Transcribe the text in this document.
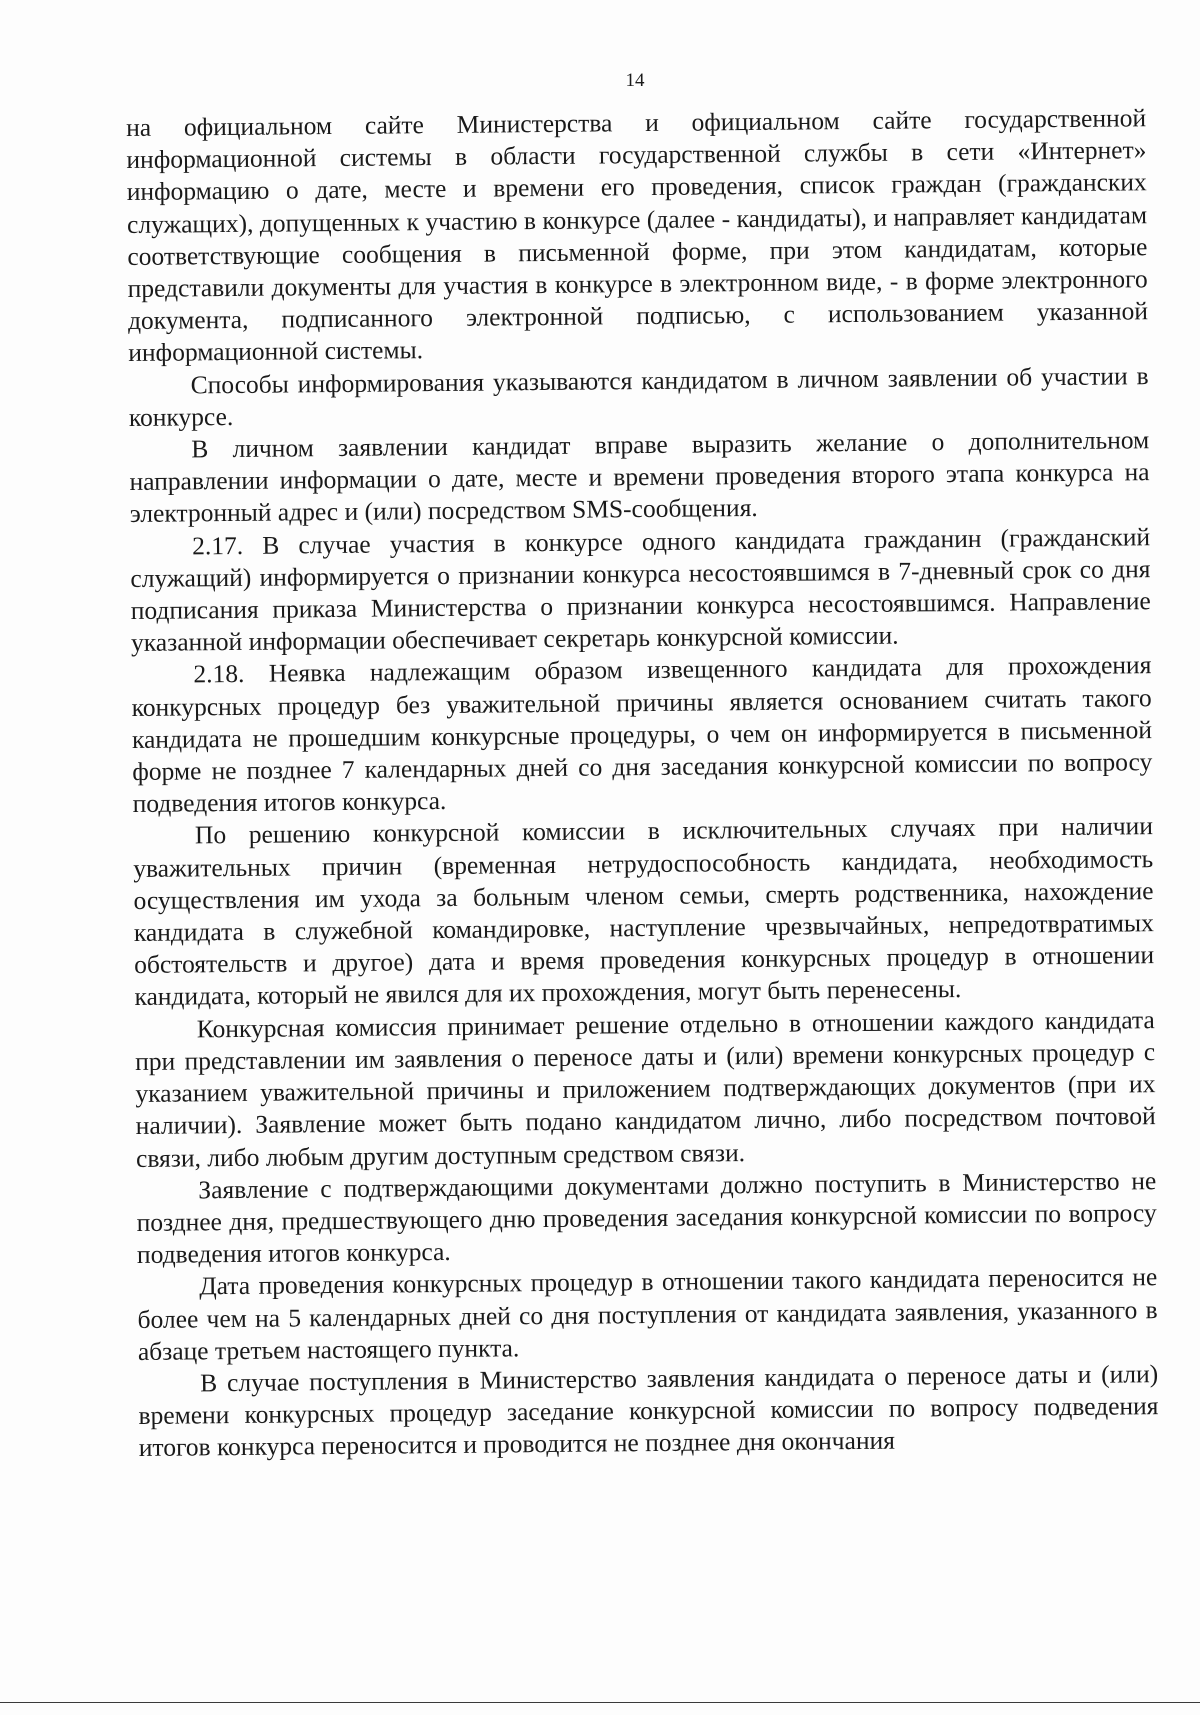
14

на официальном сайте Министерства и официальном сайте государственной информационной системы в области государственной службы в сети «Интернет» информацию о дате, месте и времени его проведения, список граждан (гражданских служащих), допущенных к участию в конкурсе (далее - кандидаты), и направляет кандидатам соответствующие сообщения в письменной форме, при этом кандидатам, которые представили документы для участия в конкурсе в электронном виде, - в форме электронного документа, подписанного электронной подписью, с использованием указанной информационной системы.

Способы информирования указываются кандидатом в личном заявлении об участии в конкурсе.

В личном заявлении кандидат вправе выразить желание о дополнительном направлении информации о дате, месте и времени проведения второго этапа конкурса на электронный адрес и (или) посредством SMS-сообщения.

2.17. В случае участия в конкурсе одного кандидата гражданин (гражданский служащий) информируется о признании конкурса несостоявшимся в 7-дневный срок со дня подписания приказа Министерства о признании конкурса несостоявшимся. Направление указанной информации обеспечивает секретарь конкурсной комиссии.

2.18. Неявка надлежащим образом извещенного кандидата для прохождения конкурсных процедур без уважительной причины является основанием считать такого кандидата не прошедшим конкурсные процедуры, о чем он информируется в письменной форме не позднее 7 календарных дней со дня заседания конкурсной комиссии по вопросу подведения итогов конкурса.

По решению конкурсной комиссии в исключительных случаях при наличии уважительных причин (временная нетрудоспособность кандидата, необходимость осуществления им ухода за больным членом семьи, смерть родственника, нахождение кандидата в служебной командировке, наступление чрезвычайных, непредотвратимых обстоятельств и другое) дата и время проведения конкурсных процедур в отношении кандидата, который не явился для их прохождения, могут быть перенесены.

Конкурсная комиссия принимает решение отдельно в отношении каждого кандидата при представлении им заявления о переносе даты и (или) времени конкурсных процедур с указанием уважительной причины и приложением подтверждающих документов (при их наличии). Заявление может быть подано кандидатом лично, либо посредством почтовой связи, либо любым другим доступным средством связи.

Заявление с подтверждающими документами должно поступить в Министерство не позднее дня, предшествующего дню проведения заседания конкурсной комиссии по вопросу подведения итогов конкурса.

Дата проведения конкурсных процедур в отношении такого кандидата переносится не более чем на 5 календарных дней со дня поступления от кандидата заявления, указанного в абзаце третьем настоящего пункта.

В случае поступления в Министерство заявления кандидата о переносе даты и (или) времени конкурсных процедур заседание конкурсной комиссии по вопросу подведения итогов конкурса переносится и проводится не позднее дня окончания
